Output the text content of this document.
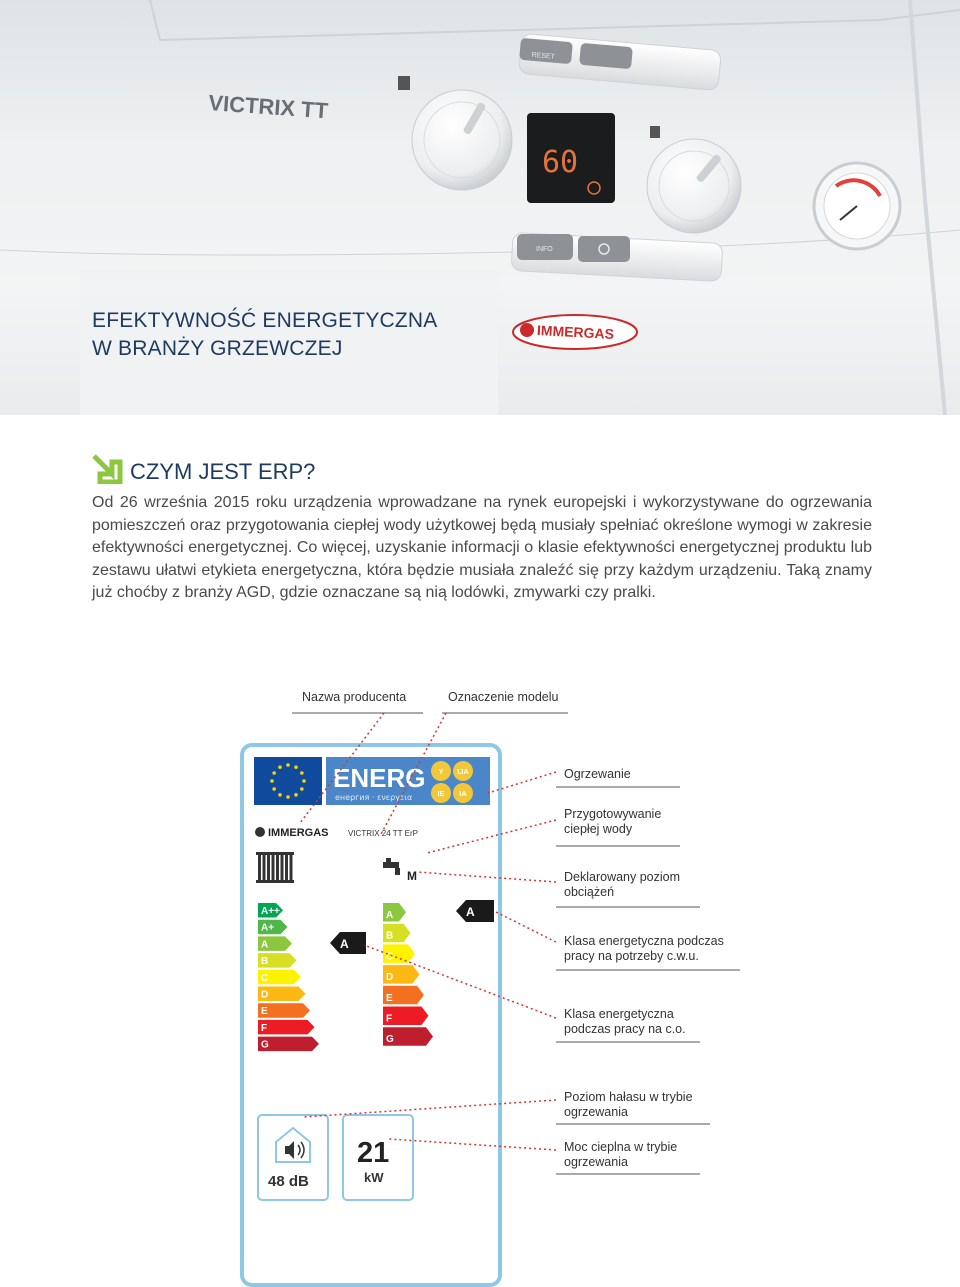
VICTRIX TT
RESET
60
INFO
IMMERGAS
EFEKTYWNOŚĆ ENERGETYCZNA
W BRANŻY GRZEWCZEJ
CZYM JEST ERP?
Od 26 września 2015 roku urządzenia wprowadzane na rynek europejski i wykorzystywane do ogrzewania pomieszczeń oraz przygotowania ciepłej wody użytkowej będą musiały spełniać określone wymogi w zakresie efektywności energetycznej. Co więcej, uzyskanie informacji o klasie efektywności energetycznej produktu lub zestawu ułatwi etykieta energetyczna, która będzie musiała znaleźć się przy każdym urządzeniu. Taką znamy już choćby z branży AGD, gdzie oznaczane są nią lodówki, zmywarki czy pralki.
ENERG
енергия · ενεργεια
Y IJA
IE IA
IMMERGAS VICTRIX 24 TT ErP
M
A++
A+
A
B
C
D
E
F
G
A
B
C
D
E
F
G
A
A
48 dB
21
kW
Nazwa producenta	Oznaczenie modelu
Ogrzewanie
Przygotowywanie ciepłej wody
Deklarowany poziom obciążeń
Klasa energetyczna podczas pracy na potrzeby c.w.u.
Klasa energetyczna podczas pracy na c.o.
Poziom hałasu w trybie ogrzewania
Moc cieplna w trybie ogrzewania
